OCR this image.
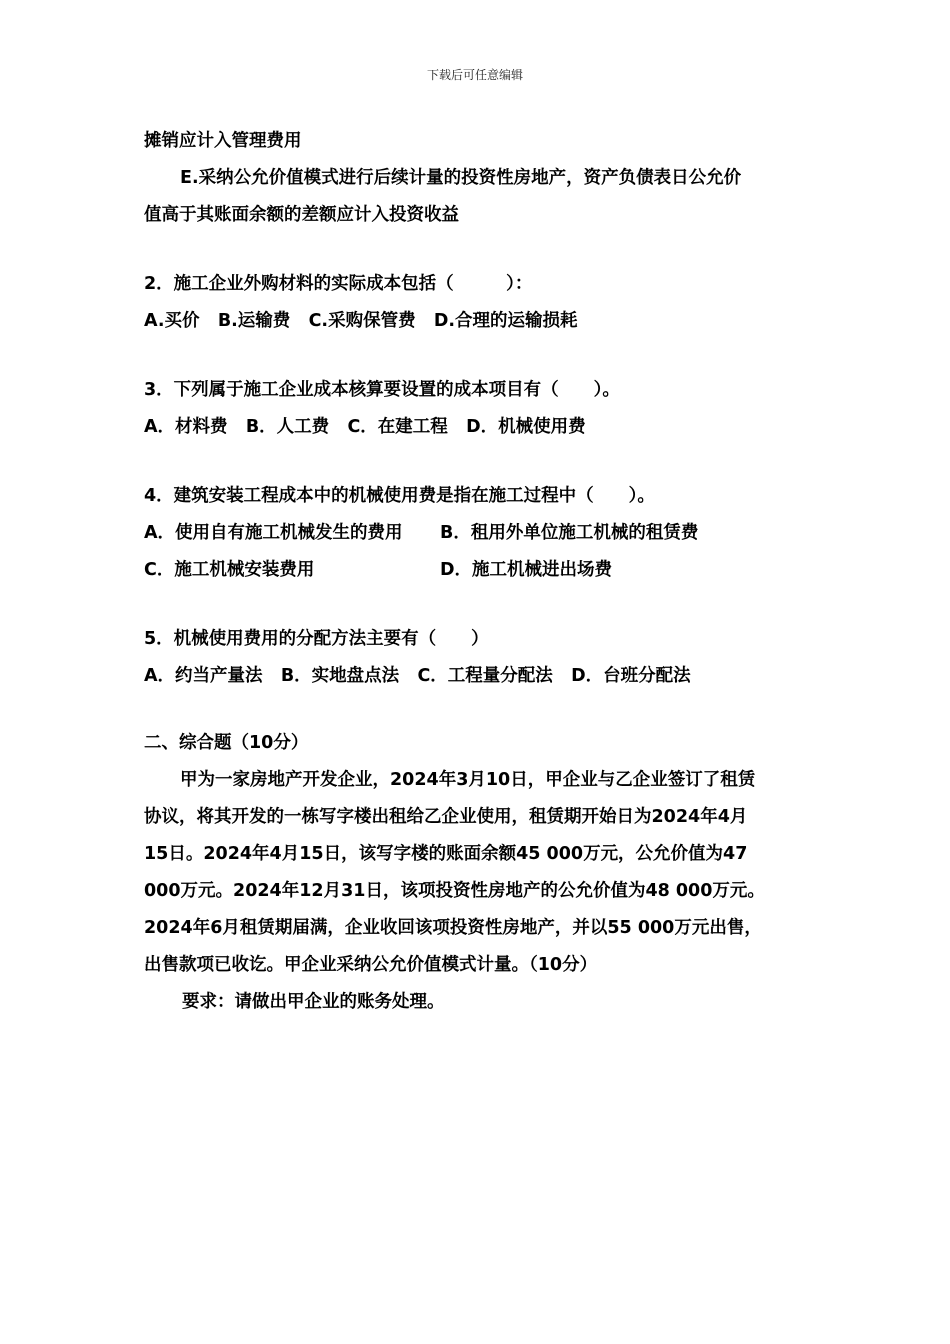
下载后可任意编辑
摊销应计入管理费用
E.采纳公允价值模式进行后续计量的投资性房地产，资产负债表日公允价
值高于其账面余额的差额应计入投资收益
2．施工企业外购材料的实际成本包括（　　　）：
A.买价 B.运输费 C.采购保管费 D.合理的运输损耗
3．下列属于施工企业成本核算要设置的成本项目有（　　）。
A．材料费 B．人工费 C．在建工程 D．机械使用费
4．建筑安装工程成本中的机械使用费是指在施工过程中（　　）。
A．使用自有施工机械发生的费用 B．租用外单位施工机械的租赁费
C．施工机械安装费用	D．施工机械进出场费
5．机械使用费用的分配方法主要有（　　）
A．约当产量法 B．实地盘点法 C．工程量分配法 D．台班分配法
二、综合题（10分）
甲为一家房地产开发企业，2024年3月10日，甲企业与乙企业签订了租赁
协议，将其开发的一栋写字楼出租给乙企业使用，租赁期开始日为2024年4月
15日。2024年4月15日，该写字楼的账面余额45 000万元，公允价值为47
000万元。2024年12月31日，该项投资性房地产的公允价值为48 000万元。
2024年6月租赁期届满，企业收回该项投资性房地产，并以55 000万元出售，
出售款项已收讫。甲企业采纳公允价值模式计量。（10分）
要求：请做出甲企业的账务处理。
